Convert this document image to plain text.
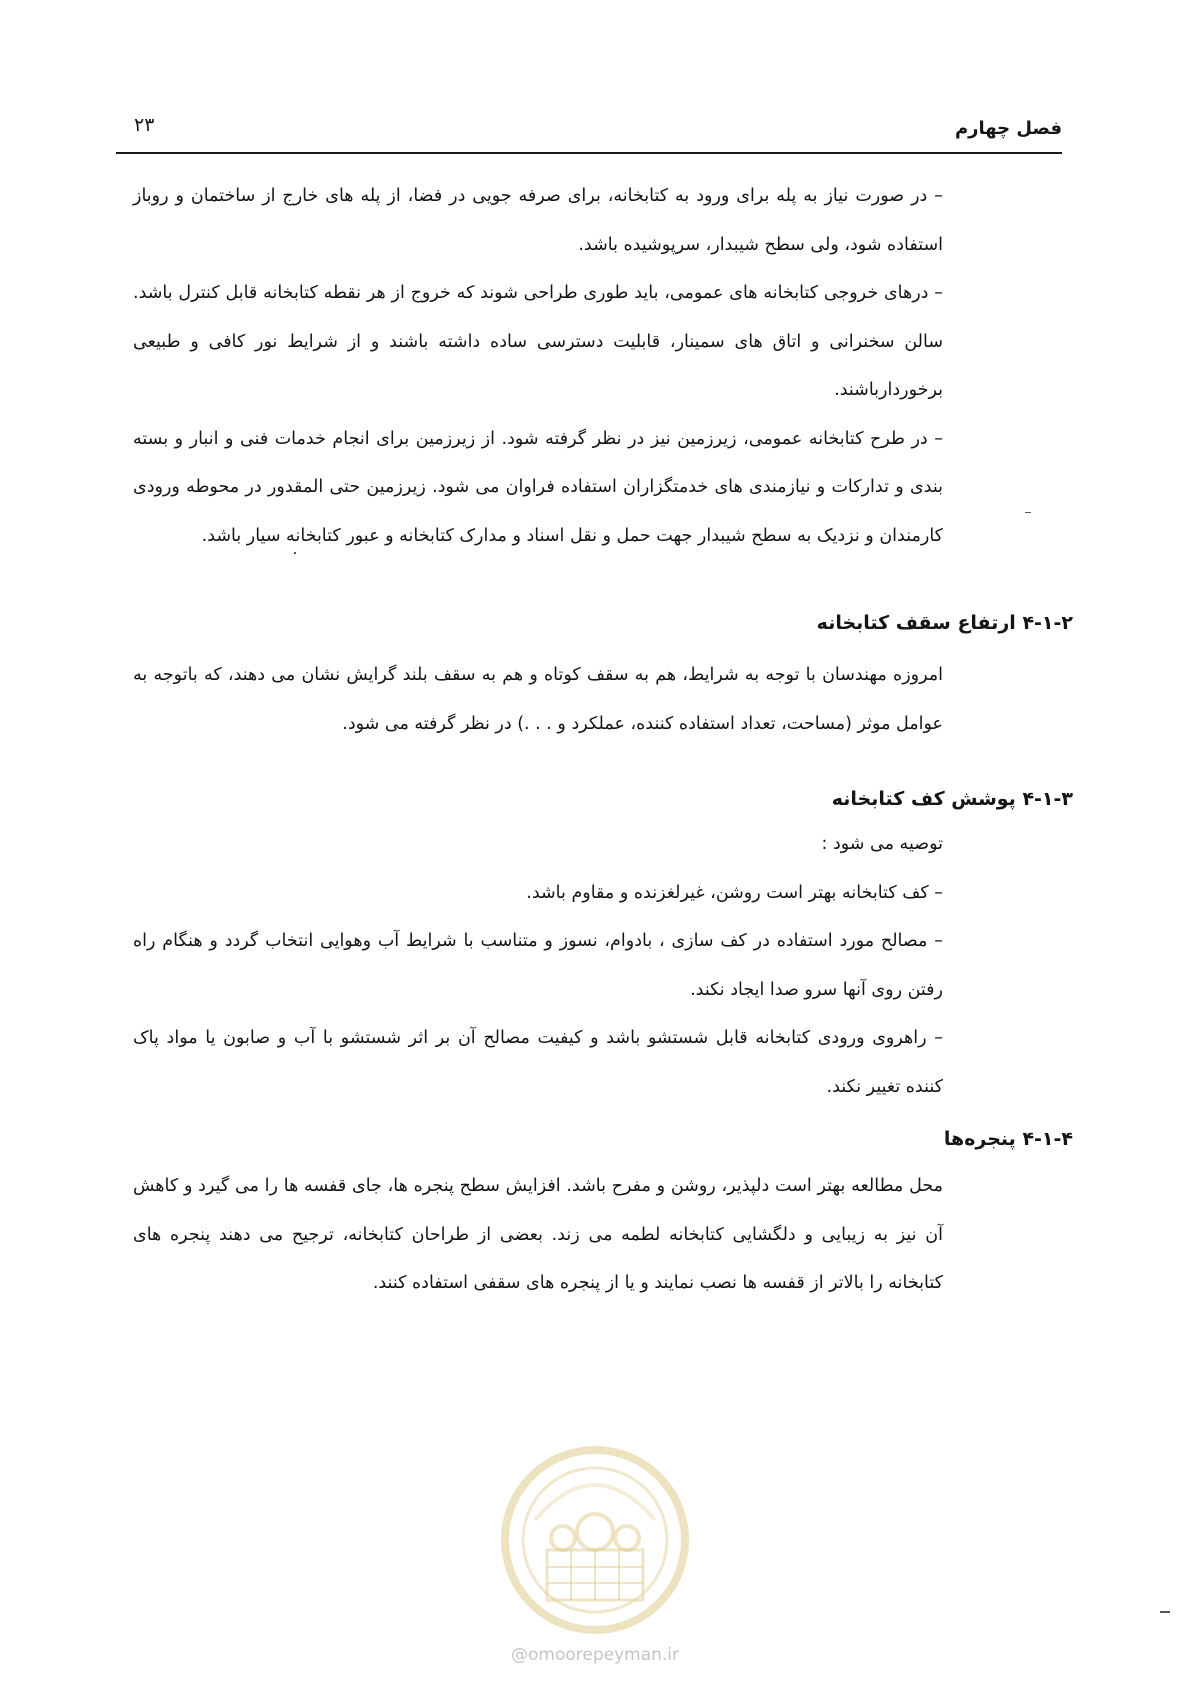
فصل چهارم
۲۳

– در صورت نیاز به پله برای ورود به کتابخانه، برای صرفه جویی در فضا، از پله های خارج از ساختمان و روباز استفاده شود، ولی سطح شیبدار، سرپوشیده باشد.

– درهای خروجی کتابخانه های عمومی، باید طوری طراحی شوند که خروج از هر نقطه کتابخانه قابل کنترل باشد. سالن سخنرانی و اتاق های سمینار، قابلیت دسترسی ساده داشته باشند و از شرایط نور کافی و طبیعی برخوردارباشند.

– در طرح کتابخانه عمومی، زیرزمین نیز در نظر گرفته شود. از زیرزمین برای انجام خدمات فنی و انبار و بسته بندی و تدارکات و نیازمندی های خدمتگزاران استفاده فراوان می شود. زیرزمین حتی المقدور در محوطه ورودی کارمندان و نزدیک به سطح شیبدار جهت حمل و نقل اسناد و مدارک کتابخانه و عبور کتابخانه سیار باشد.

۴-۱-۲ ارتفاع سقف کتابخانه

امروزه مهندسان با توجه به شرایط، هم به سقف کوتاه و هم به سقف بلند گرایش نشان می دهند، که باتوجه به عوامل موثر (مساحت، تعداد استفاده کننده، عملکرد و . . .) در نظر گرفته می شود.

۴-۱-۳ پوشش کف کتابخانه

توصیه می شود :

– کف کتابخانه بهتر است روشن، غیرلغزنده و مقاوم باشد.

– مصالح مورد استفاده در کف سازی ، بادوام، نسوز و متناسب با شرایط آب وهوایی انتخاب گردد و هنگام راه رفتن روی آنها سرو صدا ایجاد نکند.

– راهروی ورودی کتابخانه قابل شستشو باشد و کیفیت مصالح آن بر اثر شستشو با آب و صابون یا مواد پاک کننده تغییر نکند.

۴-۱-۴ پنجره‌ها

محل مطالعه بهتر است دلپذیر، روشن و مفرح باشد. افزایش سطح پنجره ها، جای قفسه ها را می گیرد و کاهش آن نیز به زیبایی و دلگشایی کتابخانه لطمه می زند. بعضی از طراحان کتابخانه، ترجیح می دهند پنجره های کتابخانه را بالاتر از قفسه ها نصب نمایند و یا از پنجره های سقفی استفاده کنند.

@omoorepeyman.ir
